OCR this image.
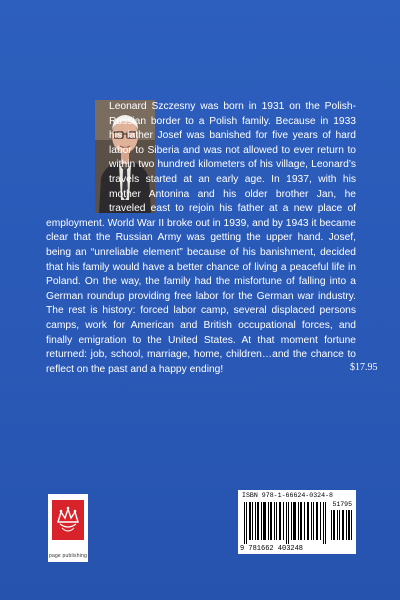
Leonard Szczesny was born in 1931 on the Polish-Russian border to a Polish family. Because in 1933 his father Josef was banished for five years of hard labor to Siberia and was not allowed to ever return to within two hundred kilometers of his village, Leonard’s travels started at an early age. In 1937, with his mother Antonina and his older brother Jan, he traveled east to rejoin his father at a new place of employment. World War II broke out in 1939, and by 1943 it became clear that the Russian Army was getting the upper hand. Josef, being an “unreliable element” because of his banishment, decided that his family would have a better chance of living a peaceful life in Poland. On the way, the family had the misfortune of falling into a German roundup providing free labor for the German war industry. The rest is history: forced labor camp, several displaced persons camps, work for American and British occupational forces, and finally emigration to the United States. At that moment fortune returned: job, school, marriage, home, children…and the chance to reflect on the past and a happy ending!	$17.95
page publishing
ISBN 978-1-66624-0324-8
51795
9 781662 403248
